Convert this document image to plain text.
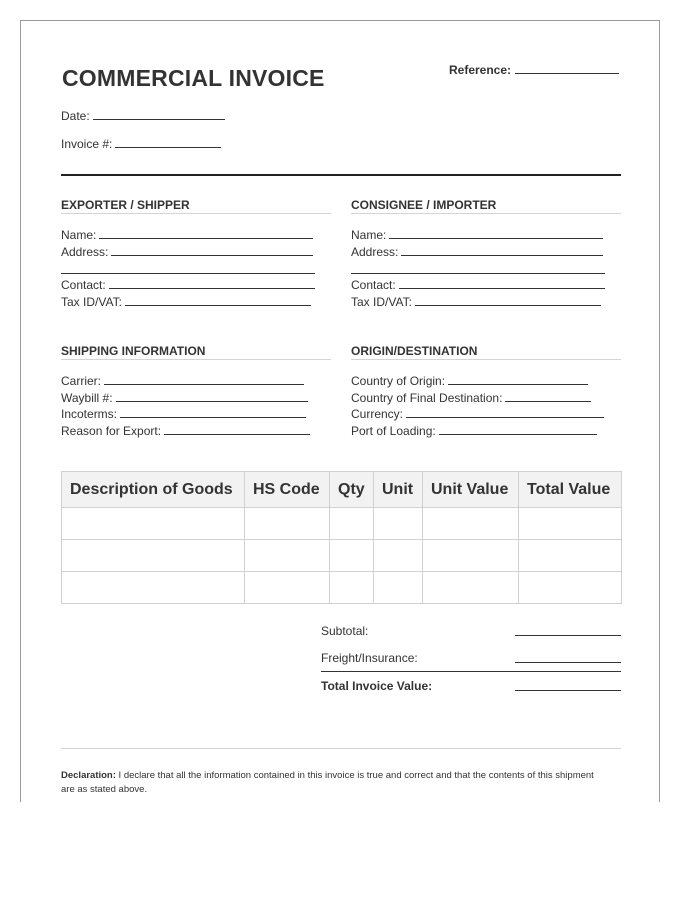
COMMERCIAL INVOICE	Reference:
Date:
Invoice #:
EXPORTER / SHIPPER
Name:
Address:
Contact:
Tax ID/VAT:
CONSIGNEE / IMPORTER
Name:
Address:
Contact:
Tax ID/VAT:
SHIPPING INFORMATION
Carrier:
Waybill #:
Incoterms:
Reason for Export:
ORIGIN/DESTINATION
Country of Origin:
Country of Final Destination:
Currency:
Port of Loading:
Description of Goods	HS Code	Qty	Unit	Unit Value	Total Value

Subtotal:
Freight/Insurance:
Total Invoice Value:
Declaration: I declare that all the information contained in this invoice is true and correct and that the contents of this shipment are as stated above.
